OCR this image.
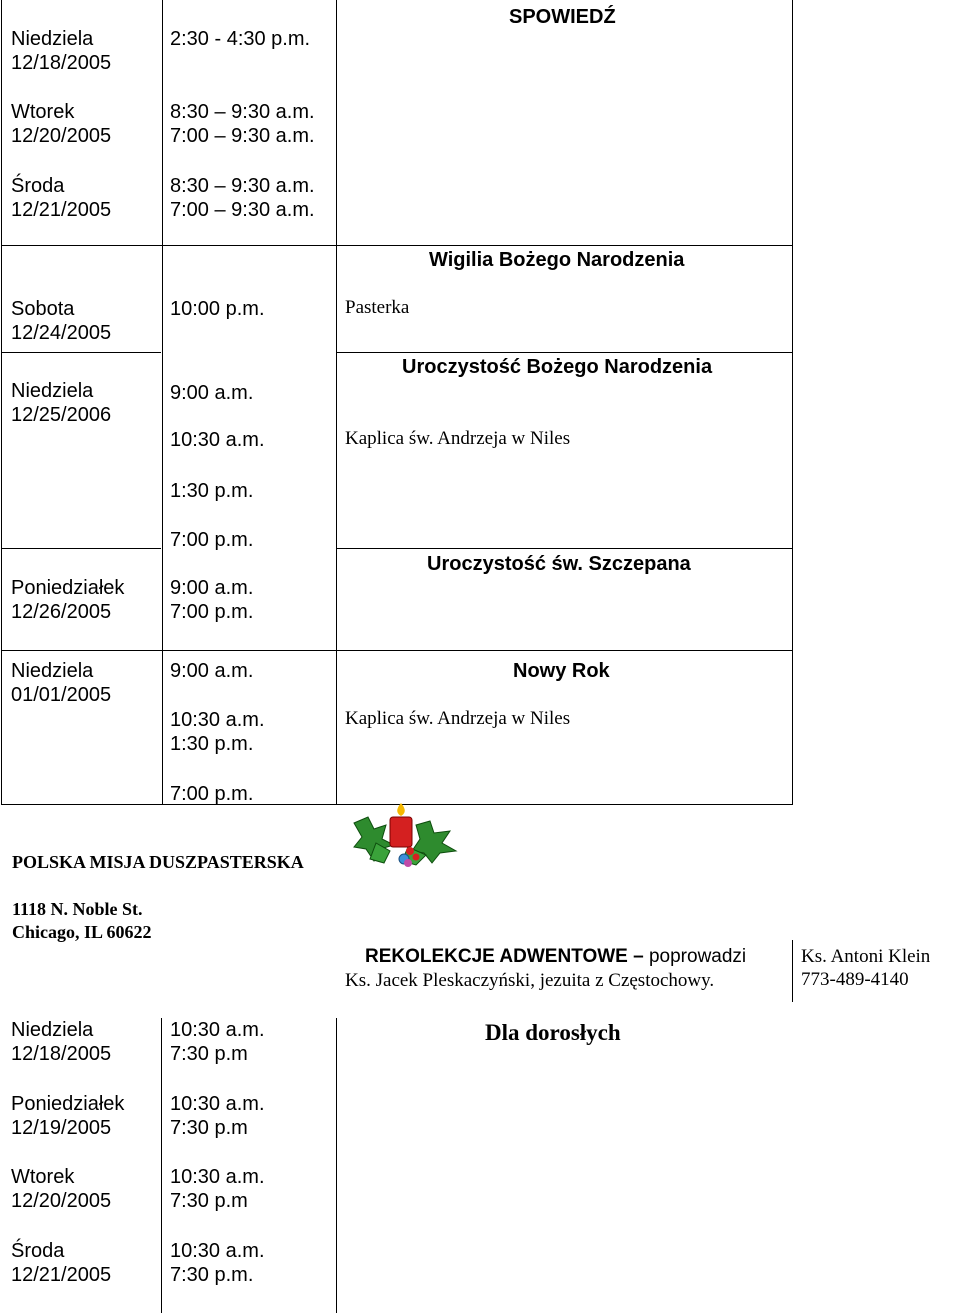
SPOWIEDŹ
Niedziela
12/18/2005
2:30 - 4:30 p.m.
Wtorek
12/20/2005
8:30 – 9:30 a.m.
7:00 – 9:30 a.m.
Środa
12/21/2005
8:30 – 9:30 a.m.
7:00 – 9:30 a.m.
Wigilia Bożego Narodzenia
Sobota
12/24/2005
10:00 p.m.	Pasterka
Uroczystość Bożego Narodzenia
Niedziela
12/25/2006
9:00 a.m.
10:30 a.m.
1:30 p.m.
7:00 p.m.
Kaplica św. Andrzeja w Niles
Uroczystość św. Szczepana
Poniedziałek
12/26/2005
9:00 a.m.
7:00 p.m.
Niedziela
01/01/2005
9:00 a.m.
10:30 a.m.
1:30 p.m.
7:00 p.m.
Nowy Rok
Kaplica św. Andrzeja w Niles
POLSKA MISJA DUSZPASTERSKA
1118 N. Noble St.
Chicago, IL 60622
REKOLEKCJE ADWENTOWE – poprowadzi
Ks. Jacek Pleskaczyński, jezuita z Częstochowy.
Ks. Antoni Klein
773-489-4140
Dla dorosłych
Niedziela
12/18/2005
10:30 a.m.
7:30 p.m
Poniedziałek
12/19/2005
10:30 a.m.
7:30 p.m
Wtorek
12/20/2005
10:30 a.m.
7:30 p.m
Środa
12/21/2005
10:30 a.m.
7:30 p.m.
